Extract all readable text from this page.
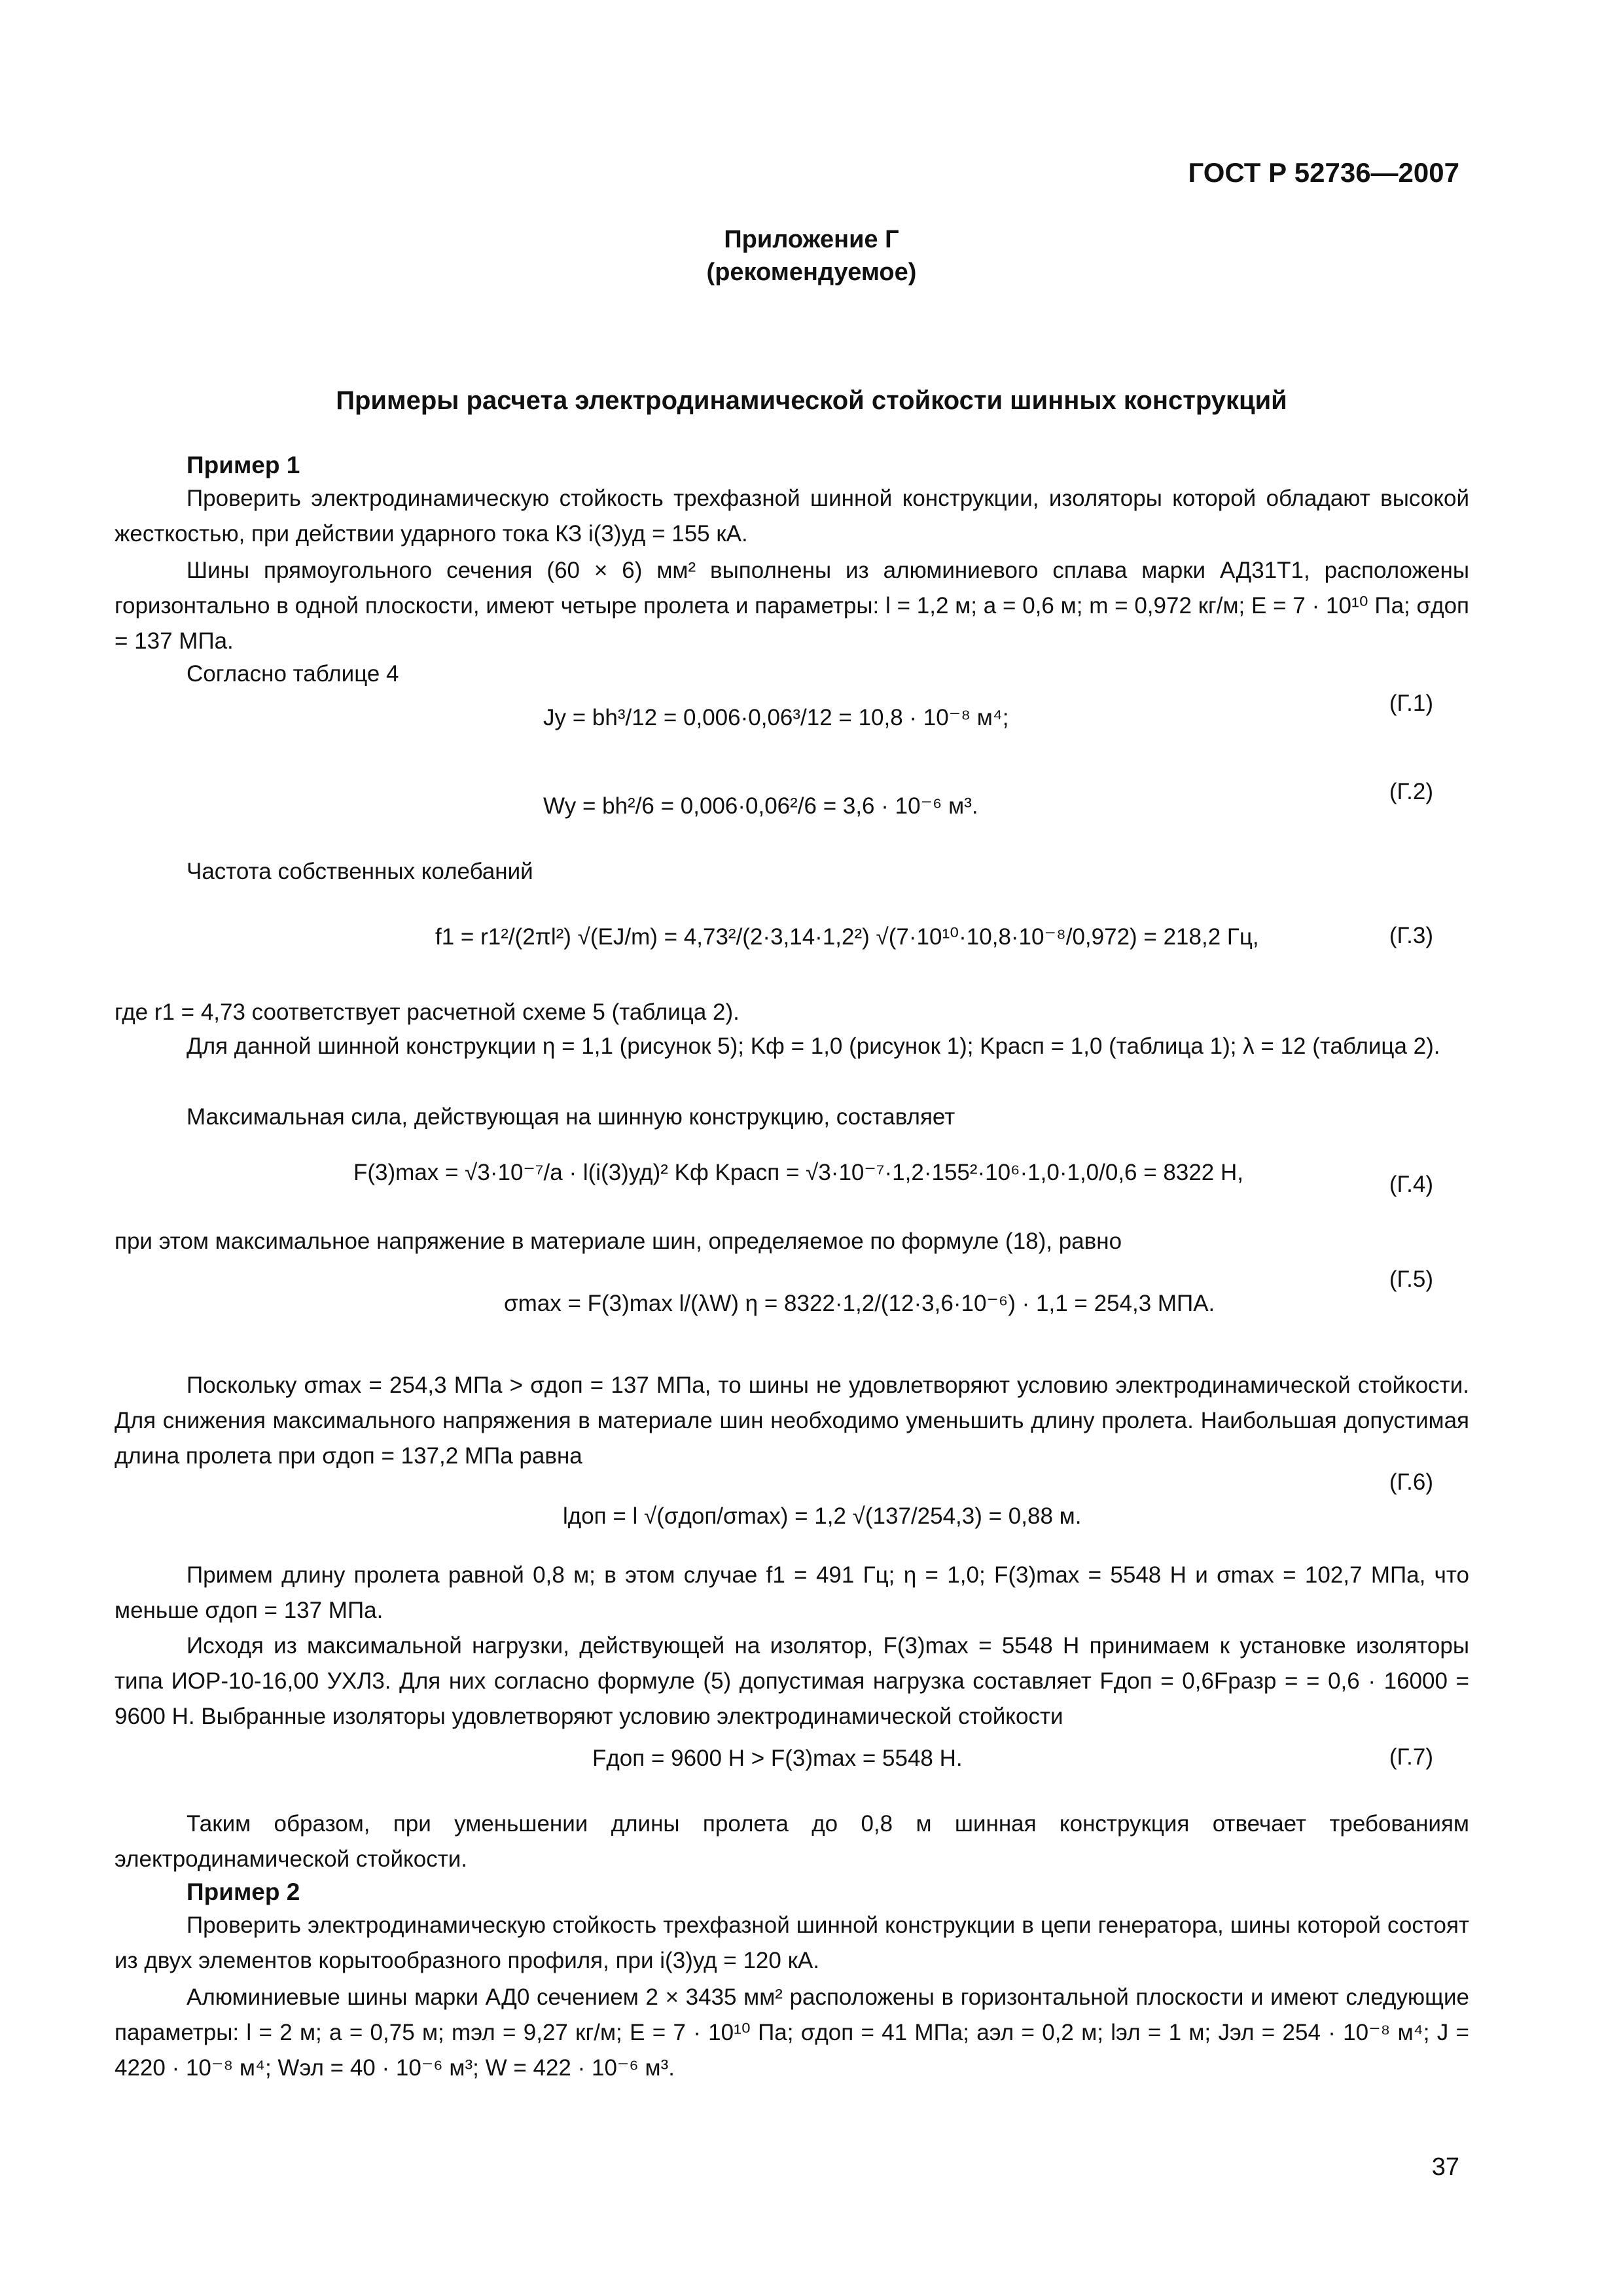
ГОСТ Р 52736—2007
Приложение Г
(рекомендуемое)
Примеры расчета электродинамической стойкости шинных конструкций
Пример 1

Проверить электродинамическую стойкость трехфазной шинной конструкции, изоляторы которой обладают высокой жесткостью, при действии ударного тока КЗ i(3)уд = 155 кА.

Шины прямоугольного сечения (60 × 6) мм² выполнены из алюминиевого сплава марки АД31Т1, расположены горизонтально в одной плоскости, имеют четыре пролета и параметры: l = 1,2 м; a = 0,6 м; m = 0,972 кг/м; E = 7 · 10¹⁰ Па; σдоп = 137 МПа.

Согласно таблице 4

Jy = bh³/12 = 0,006·0,06³/12 = 10,8 · 10⁻⁸ м⁴;
(Г.1)
Wy = bh²/6 = 0,006·0,06²/6 = 3,6 · 10⁻⁶ м³.
(Г.2)

Частота собственных колебаний

f1 = r1²/(2πl²) √(EJ/m) = 4,73²/(2·3,14·1,2²) √(7·10¹⁰·10,8·10⁻⁸/0,972) = 218,2 Гц,	(Г.3)

где r1 = 4,73 соответствует расчетной схеме 5 (таблица 2).

Для данной шинной конструкции η = 1,1 (рисунок 5); Kф = 1,0 (рисунок 1); Kрасп = 1,0 (таблица 1); λ = 12 (таблица 2).

Максимальная сила, действующая на шинную конструкцию, составляет

F(3)max = √3·10⁻⁷/a · l(i(3)уд)² Kф Kрасп = √3·10⁻⁷·1,2·155²·10⁶·1,0·1,0/0,6 = 8322 Н,	(Г.4)

при этом максимальное напряжение в материале шин, определяемое по формуле (18), равно

σmax = F(3)max l/(λW) η = 8322·1,2/(12·3,6·10⁻⁶) · 1,1 = 254,3 МПА.
(Г.5)

Поскольку σmax = 254,3 МПа > σдоп = 137 МПа, то шины не удовлетворяют условию электродинамической стойкости. Для снижения максимального напряжения в материале шин необходимо уменьшить длину пролета. Наибольшая допустимая длина пролета при σдоп = 137,2 МПа равна

lдоп = l √(σдоп/σmax) = 1,2 √(137/254,3) = 0,88 м.
(Г.6)

Примем длину пролета равной 0,8 м; в этом случае f1 = 491 Гц; η = 1,0; F(3)max = 5548 Н и σmax = 102,7 МПа, что меньше σдоп = 137 МПа.

Исходя из максимальной нагрузки, действующей на изолятор, F(3)max = 5548 Н принимаем к установке изоляторы типа ИОР-10-16,00 УХЛ3. Для них согласно формуле (5) допустимая нагрузка составляет Fдоп = 0,6Fразр = = 0,6 · 16000 = 9600 Н. Выбранные изоляторы удовлетворяют условию электродинамической стойкости

Fдоп = 9600 Н > F(3)max = 5548 Н.	(Г.7)

Таким образом, при уменьшении длины пролета до 0,8 м шинная конструкция отвечает требованиям электродинамической стойкости.

Пример 2

Проверить электродинамическую стойкость трехфазной шинной конструкции в цепи генератора, шины которой состоят из двух элементов корытообразного профиля, при i(3)уд = 120 кА.

Алюминиевые шины марки АД0 сечением 2 × 3435 мм² расположены в горизонтальной плоскости и имеют следующие параметры: l = 2 м; a = 0,75 м; mэл = 9,27 кг/м; E = 7 · 10¹⁰ Па; σдоп = 41 МПа; aэл = 0,2 м; lэл = 1 м; Jэл = 254 · 10⁻⁸ м⁴; J = 4220 · 10⁻⁸ м⁴; Wэл = 40 · 10⁻⁶ м³; W = 422 · 10⁻⁶ м³.

37
